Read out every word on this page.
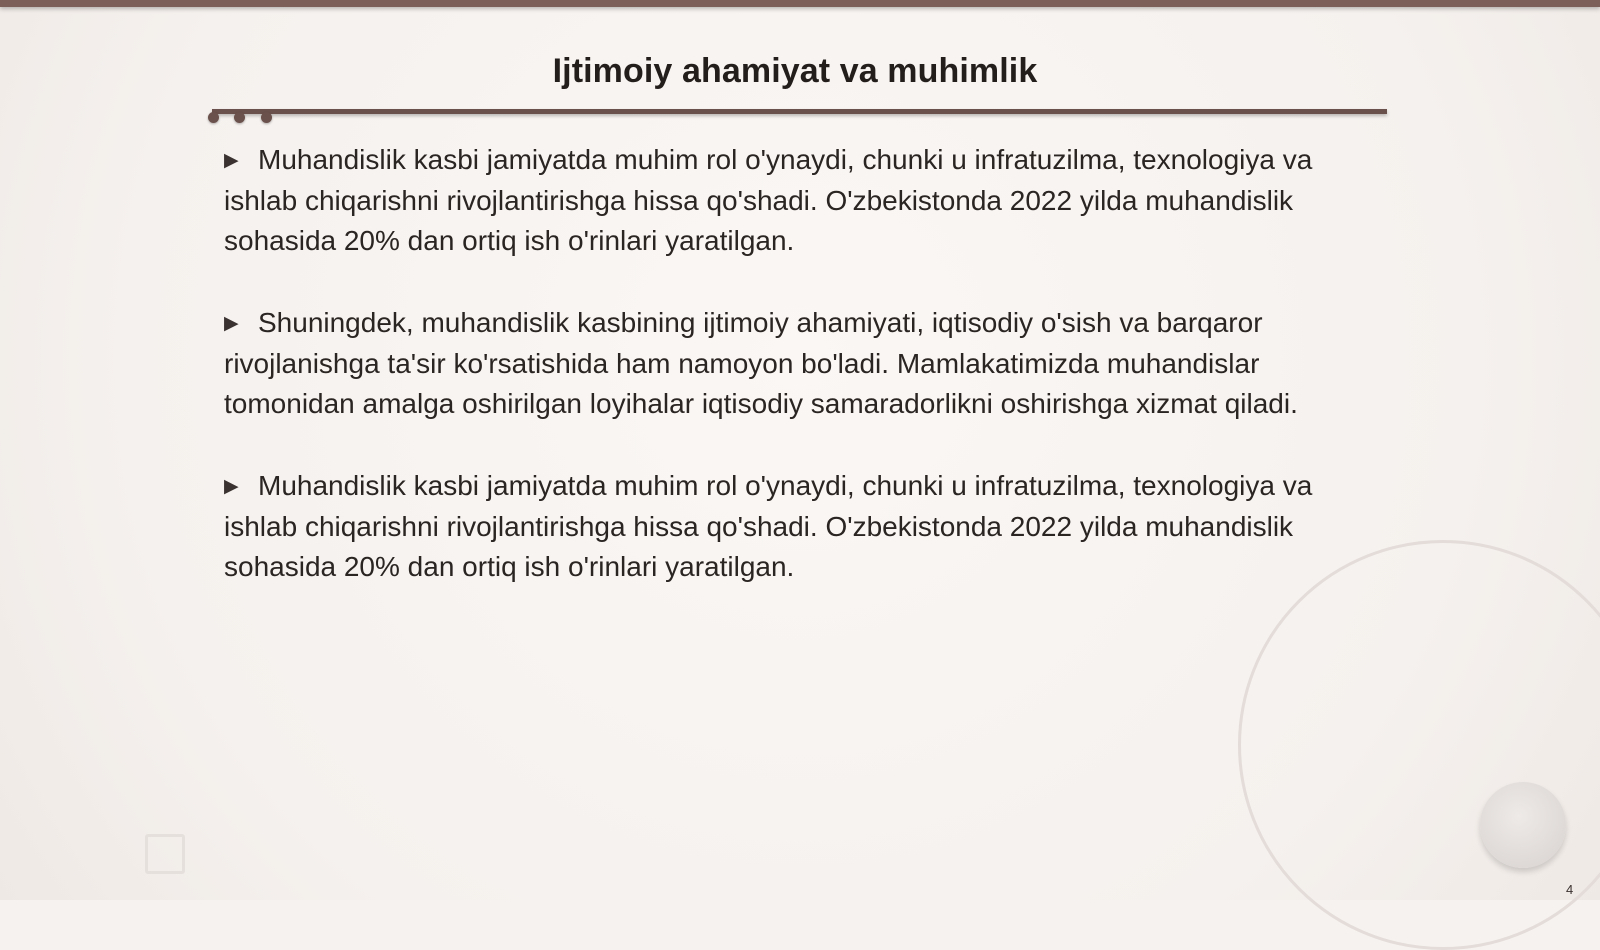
Ijtimoiy ahamiyat va muhimlik

▶ Muhandislik kasbi jamiyatda muhim rol o'ynaydi, chunki u infratuzilma, texnologiya va ishlab chiqarishni rivojlantirishga hissa qo'shadi. O'zbekistonda 2022 yilda muhandislik sohasida 20% dan ortiq ish o'rinlari yaratilgan.

▶ Shuningdek, muhandislik kasbining ijtimoiy ahamiyati, iqtisodiy o'sish va barqaror rivojlanishga ta'sir ko'rsatishida ham namoyon bo'ladi. Mamlakatimizda muhandislar tomonidan amalga oshirilgan loyihalar iqtisodiy samaradorlikni oshirishga xizmat qiladi.

▶ Muhandislik kasbi jamiyatda muhim rol o'ynaydi, chunki u infratuzilma, texnologiya va ishlab chiqarishni rivojlantirishga hissa qo'shadi. O'zbekistonda 2022 yilda muhandislik sohasida 20% dan ortiq ish o'rinlari yaratilgan.

4
